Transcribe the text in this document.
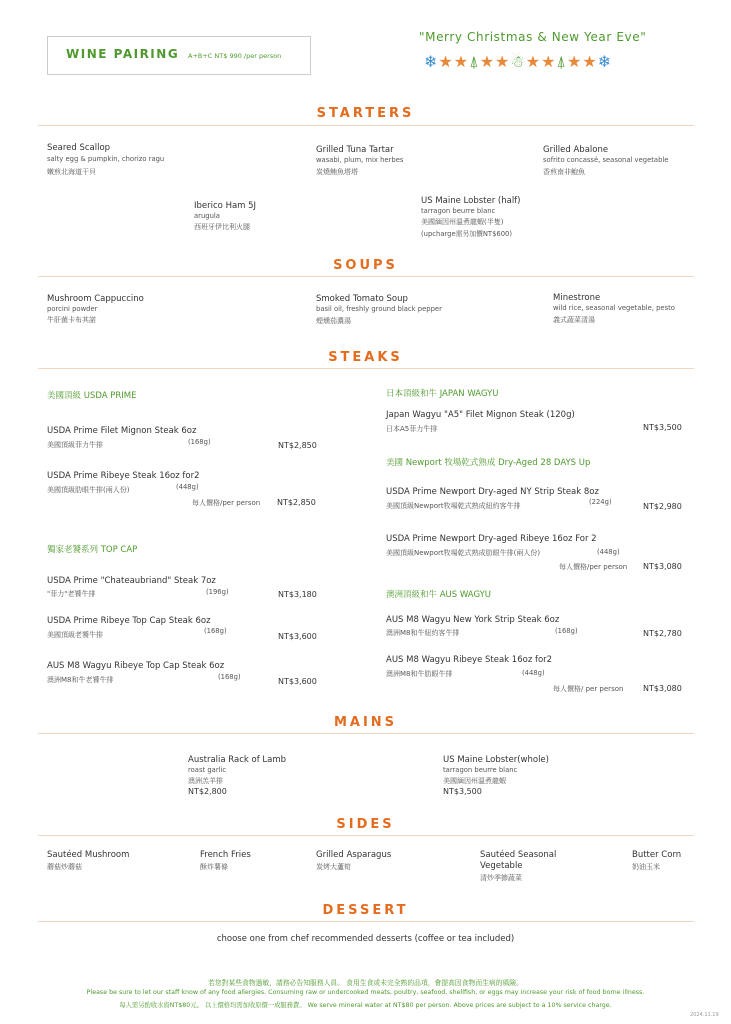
WINE PAIRING A+B+C NT$ 990 /per person
"Merry Christmas & New Year Eve"
❄★★⍋★★☃★★⍋★★❄
STARTERS
Seared Scallop
salty egg & pumpkin, chorizo ragu
嫩煎北海道干貝
Grilled Tuna Tartar
wasabi, plum, mix herbes
炭燒鮪魚塔塔
Grilled Abalone
sofrito concassé, seasonal vegetable
香煎南非鮑魚
Iberico Ham 5J
arugula
西班牙伊比利火腿
US Maine Lobster (half)
tarragon beurre blanc
美國緬因州溫煮龍蝦(半隻)
(upcharge需另加價NT$600)
SOUPS
Mushroom Cappuccino
porcini powder
牛肝菌卡布其諾
Smoked Tomato Soup
basil oil, freshly ground black pepper
煙燻茄濃湯
Minestrone
wild rice, seasonal vegetable, pesto
義式蔬菜清湯
STEAKS
美國頂級 USDA PRIME
USDA Prime Filet Mignon Steak 6oz
美國頂級菲力牛排	(168g)	NT$2,850
USDA Prime Ribeye Steak 16oz for2
美國頂級肋眼牛排(兩人份)	(448g)
每人價格/per person NT$2,850
獨家老饕系列 TOP CAP
USDA Prime "Chateaubriand" Steak 7oz
"菲力"老饕牛排	(196g)	NT$3,180
USDA Prime Ribeye Top Cap Steak 6oz
美國頂級老饕牛排	(168g)
NT$3,600
AUS M8 Wagyu Ribeye Top Cap Steak 6oz
澳洲M8和牛老饕牛排	(168g)	NT$3,600
日本頂級和牛 JAPAN WAGYU
Japan Wagyu "A5" Filet Mignon Steak (120g)
日本A5菲力牛排	NT$3,500
美國 Newport 牧場乾式熟成 Dry-Aged 28 DAYS Up
USDA Prime Newport Dry-aged NY Strip Steak 8oz
美國頂級Newport牧場乾式熟成紐約客牛排	(224g)	NT$2,980
USDA Prime Newport Dry-aged Ribeye 16oz For 2
美國頂級Newport牧場乾式熟成肋眼牛排(兩人份)	(448g)
每人價格/per person NT$3,080
澳洲頂級和牛 AUS WAGYU
AUS M8 Wagyu New York Strip Steak 6oz
澳洲M8和牛紐約客牛排	(168g)	NT$2,780
AUS M8 Wagyu Ribeye Steak 16oz for2
澳洲M8和牛肋眼牛排	(448g)
每人價格/ per person NT$3,080
MAINS
Australia Rack of Lamb
roast garlic
澳洲羔羊排
NT$2,800
US Maine Lobster(whole)
tarragon beurre blanc
美國緬因州溫煮龍蝦
NT$3,500
SIDES
Sautéed Mushroom
蘑菇炒蘑菇
French Fries
酥炸薯條
Grilled Asparagus
炭烤大蘆筍
Sautéed Seasonal
Vegetable
清炒季節蔬菜
Butter Corn
奶油玉米
DESSERT
choose one from chef recommended desserts (coffee or tea included)
若您對某些食物過敏，請務必告知服務人員。 食用生食或未完全熟的品項，會提高因食物而生病的風險。
Please be sure to let our staff know of any food allergies. Consuming raw or undercooked meats, poultry, seafood, shellfish, or eggs may increase your risk of food borne illness.
每人需另酌收水資NT$80元。 以上價格均需加收原價一成服務費。 We serve mineral water at NT$80 per person. Above prices are subject to a 10% service charge.
2024.11.19
